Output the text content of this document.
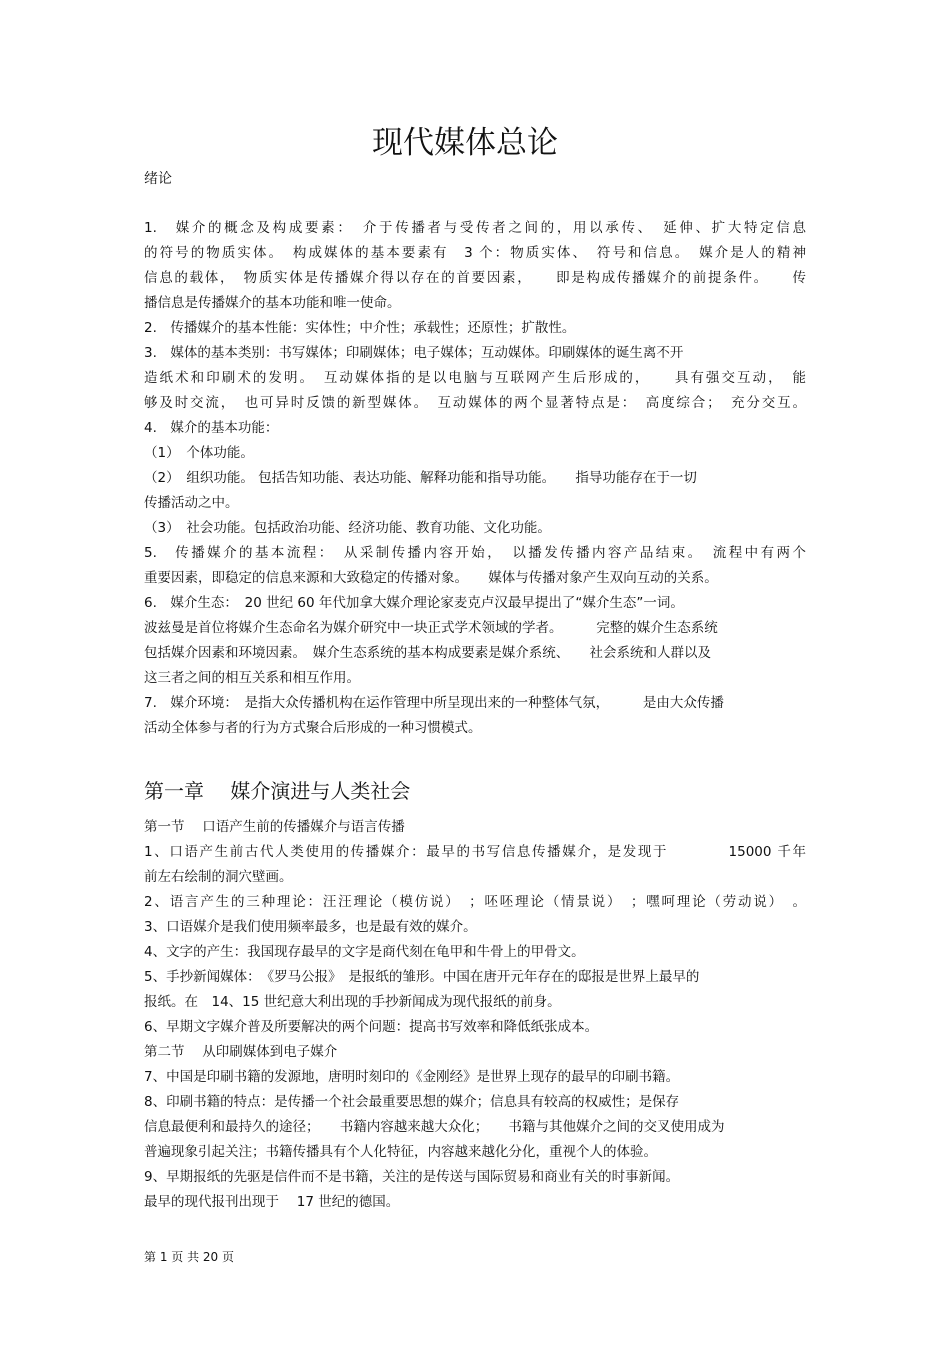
现代媒体总论
绪论

1.　媒介的概念及构成要素：　介于传播者与受传者之间的，用以承传、　延伸、扩大特定信息

的符号的物质实体。　构成媒体的基本要素有　3 个：物质实体、　符号和信息。　媒介是人的精神

信息的载体，　物质实体是传播媒介得以存在的首要因素，　　即是构成传播媒介的前提条件。　　传

播信息是传播媒介的基本功能和唯一使命。

2.　传播媒介的基本性能：实体性；中介性；承载性；还原性；扩散性。

3.　媒体的基本类别：书写媒体；印刷媒体；电子媒体；互动媒体。印刷媒体的诞生离不开

造纸术和印刷术的发明。　互动媒体指的是以电脑与互联网产生后形成的，　　具有强交互动，　能

够及时交流，　也可异时反馈的新型媒体。　互动媒体的两个显著特点是：　高度综合；　充分交互。

4.　媒介的基本功能：

（1）　个体功能。

（2）　组织功能。 包括告知功能、表达功能、解释功能和指导功能。　　指导功能存在于一切

传播活动之中。

（3）　社会功能。包括政治功能、经济功能、教育功能、文化功能。

5.　传播媒介的基本流程：　从采制传播内容开始，　以播发传播内容产品结束。　流程中有两个

重要因素，即稳定的信息来源和大致稳定的传播对象。　　媒体与传播对象产生双向互动的关系。

6.　媒介生态：　20 世纪 60 年代加拿大媒介理论家麦克卢汉最早提出了“媒介生态”一词。

波兹曼是首位将媒介生态命名为媒介研究中一块正式学术领域的学者。　　　完整的媒介生态系统

包括媒介因素和环境因素。　媒介生态系统的基本构成要素是媒介系统、　　社会系统和人群以及

这三者之间的相互关系和相互作用。

7.　媒介环境：　是指大众传播机构在运作管理中所呈现出来的一种整体气氛，　　　是由大众传播

活动全体参与者的行为方式聚合后形成的一种习惯模式。

第一章 媒介演进与人类社会

第一节　 口语产生前的传播媒介与语言传播

1、口语产生前古代人类使用的传播媒介：最早的书写信息传播媒介，是发现于　　　　15000 千年

前左右绘制的洞穴壁画。

2、语言产生的三种理论：汪汪理论（模仿说）　；呸呸理论（情景说）　；嘿呵理论（劳动说）　。

3、口语媒介是我们使用频率最多，也是最有效的媒介。

4、文字的产生：我国现存最早的文字是商代刻在龟甲和牛骨上的甲骨文。

5、手抄新闻媒体：　《罗马公报》　是报纸的雏形。中国在唐开元年存在的邸报是世界上最早的

报纸。在　14、15 世纪意大利出现的手抄新闻成为现代报纸的前身。

6、早期文字媒介普及所要解决的两个问题：提高书写效率和降低纸张成本。

第二节　 从印刷媒体到电子媒介

7、中国是印刷书籍的发源地，唐明时刻印的《金刚经》是世界上现存的最早的印刷书籍。

8、印刷书籍的特点：是传播一个社会最重要思想的媒介；信息具有较高的权威性；是保存

信息最便利和最持久的途径；　　书籍内容越来越大众化；　　书籍与其他媒介之间的交叉使用成为

普遍现象引起关注；书籍传播具有个人化特征，内容越来越化分化，重视个人的体验。

9、早期报纸的先驱是信件而不是书籍，关注的是传送与国际贸易和商业有关的时事新闻。

最早的现代报刊出现于　 17 世纪的德国。

第 1 页 共 20 页
